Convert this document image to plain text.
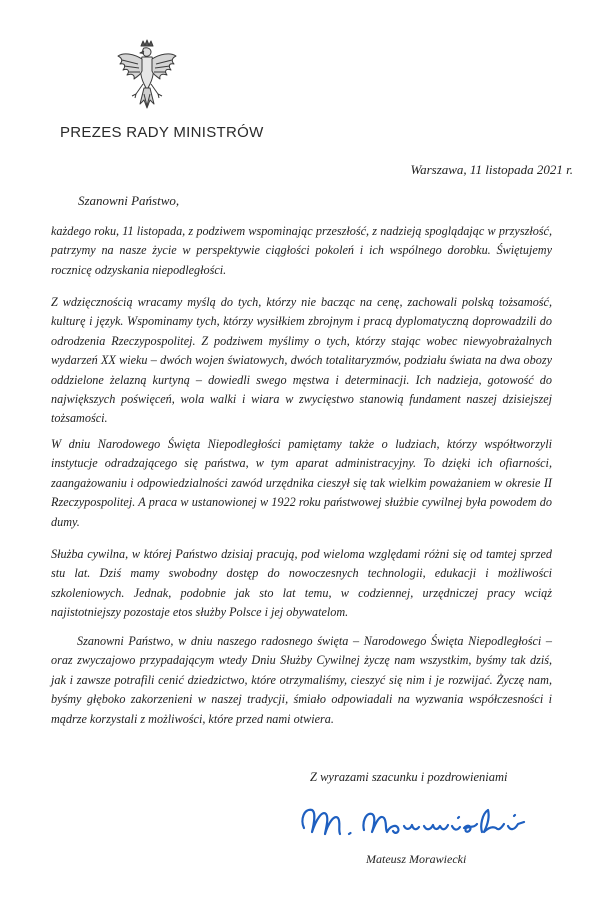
PREZES RADY MINISTRÓW
Warszawa, 11 listopada 2021 r.
Szanowni Państwo,

każdego roku, 11 listopada, z podziwem wspominając przeszłość, z nadzieją spoglądając w przyszłość, patrzymy na nasze życie w perspektywie ciągłości pokoleń i ich wspólnego dorobku. Świętujemy rocznicę odzyskania niepodległości.

Z wdzięcznością wracamy myślą do tych, którzy nie bacząc na cenę, zachowali polską tożsamość, kulturę i język. Wspominamy tych, którzy wysiłkiem zbrojnym i pracą dyplomatyczną doprowadzili do odrodzenia Rzeczypospolitej. Z podziwem myślimy o tych, którzy stając wobec niewyobrażalnych wydarzeń XX wieku – dwóch wojen światowych, dwóch totalitaryzmów, podziału świata na dwa obozy oddzielone żelazną kurtyną – dowiedli swego męstwa i determinacji. Ich nadzieja, gotowość do największych poświęceń, wola walki i wiara w zwycięstwo stanowią fundament naszej dzisiejszej tożsamości.

W dniu Narodowego Święta Niepodległości pamiętamy także o ludziach, którzy współtworzyli instytucje odradzającego się państwa, w tym aparat administracyjny. To dzięki ich ofiarności, zaangażowaniu i odpowiedzialności zawód urzędnika cieszył się tak wielkim poważaniem w okresie II Rzeczypospolitej. A praca w ustanowionej w 1922 roku państwowej służbie cywilnej była powodem do dumy.

Służba cywilna, w której Państwo dzisiaj pracują, pod wieloma względami różni się od tamtej sprzed stu lat. Dziś mamy swobodny dostęp do nowoczesnych technologii, edukacji i możliwości szkoleniowych. Jednak, podobnie jak sto lat temu, w codziennej, urzędniczej pracy wciąż najistotniejszy pozostaje etos służby Polsce i jej obywatelom.

Szanowni Państwo, w dniu naszego radosnego święta – Narodowego Święta Niepodległości – oraz zwyczajowo przypadającym wtedy Dniu Służby Cywilnej życzę nam wszystkim, byśmy tak dziś, jak i zawsze potrafili cenić dziedzictwo, które otrzymaliśmy, cieszyć się nim i je rozwijać. Życzę nam, byśmy głęboko zakorzenieni w naszej tradycji, śmiało odpowiadali na wyzwania współczesności i mądrze korzystali z możliwości, które przed nami otwiera.

Z wyrazami szacunku i pozdrowieniami
Mateusz Morawiecki
